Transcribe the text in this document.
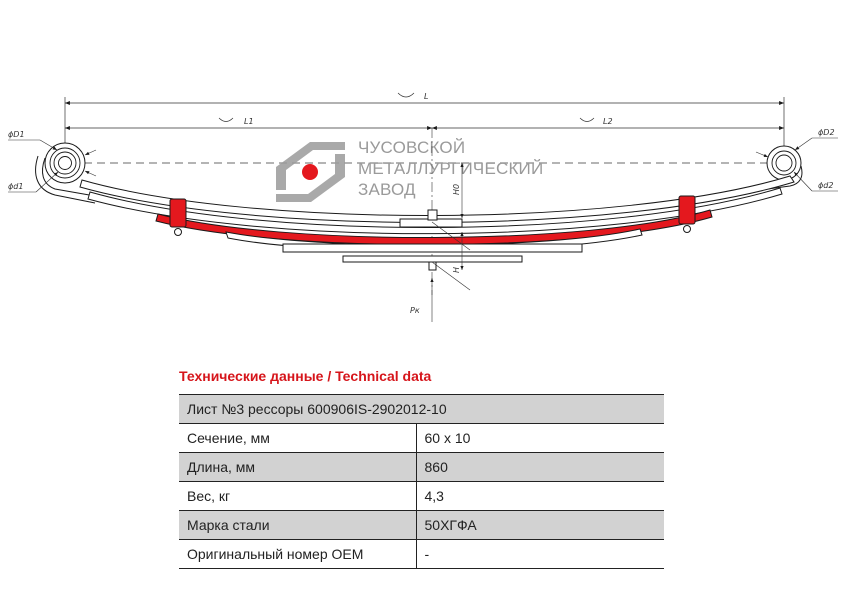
ЧУСОВСКОЙ
МЕТАЛЛУРГИЧЕСКИЙ
ЗАВОД
L
L1	L2
ϕD1
ϕd1
ϕD2
ϕd2
H0
H
Pк
Технические данные / Technical data
Лист №3 рессоры 600906IS-2902012-10	
Сечение, мм	60 x 10
Длина, мм	860
Вес, кг	4,3
Марка стали	50ХГФА
Оригинальный номер ОЕМ	-
